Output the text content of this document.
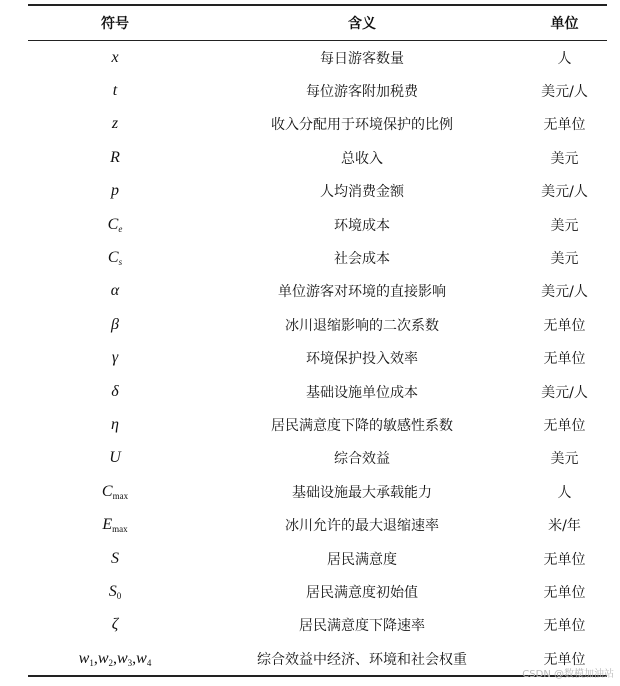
符号	含义	单位
x	每日游客数量	人
t	每位游客附加税费	美元/人
z	收入分配用于环境保护的比例	无单位
R	总收入	美元
p	人均消费金额	美元/人
$C_e$	环境成本	美元
$C_s$	社会成本	美元
α	单位游客对环境的直接影响	美元/人
β	冰川退缩影响的二次系数	无单位
γ	环境保护投入效率	无单位
δ	基础设施单位成本	美元/人
η	居民满意度下降的敏感性系数	无单位
U	综合效益	美元
$C_{max}$	基础设施最大承载能力	人
$E_{max}$	冰川允许的最大退缩速率	米/年
S	居民满意度	无单位
$S_0$	居民满意度初始值	无单位
ζ	居民满意度下降速率	无单位
$w_1,w_2,w_3,w_4$	综合效益中经济、环境和社会权重	无单位
CSDN @数模加油站
